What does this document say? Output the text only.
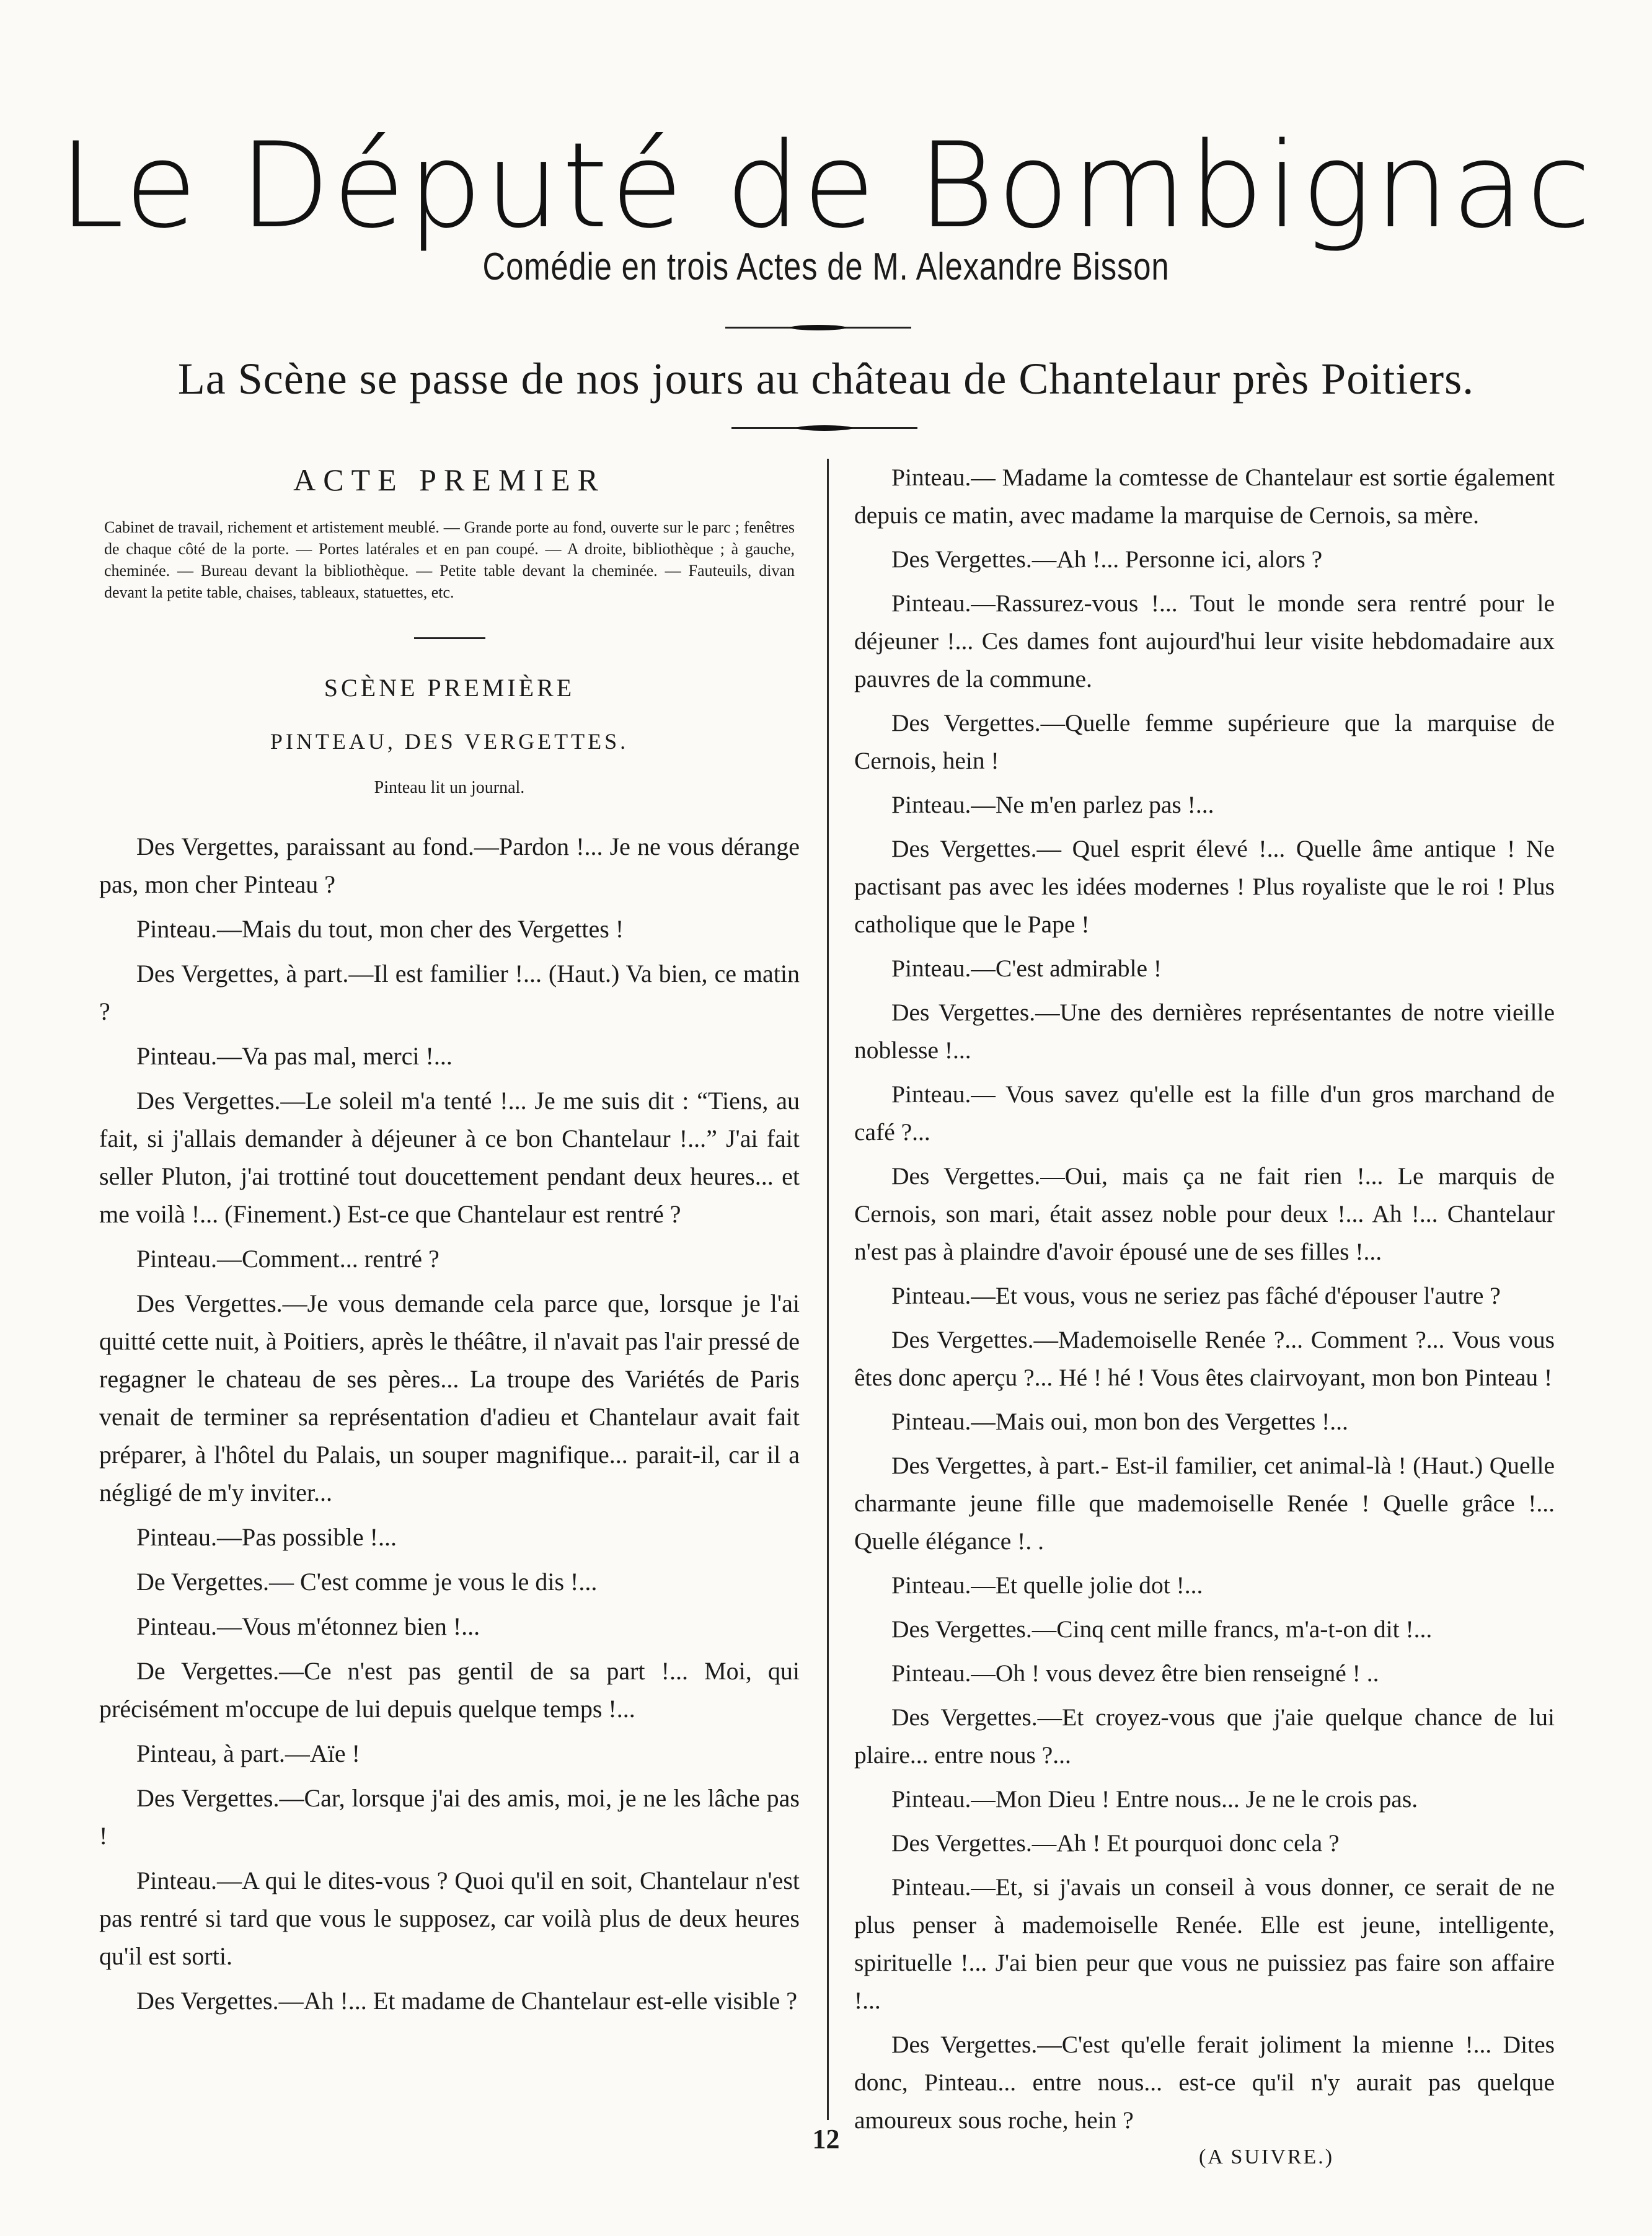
Le Député de Bombignac
Comédie en trois Actes de M. Alexandre Bisson
La Scène se passe de nos jours au château de Chantelaur près Poitiers.
ACTE PREMIER
Cabinet de travail, richement et artistement meublé. — Grande porte au fond, ouverte sur le parc ; fenêtres de chaque côté de la porte. — Portes latérales et en pan coupé. — A droite, bibliothèque ; à gauche, cheminée. — Bureau devant la bibliothèque. — Petite table devant la cheminée. — Fauteuils, divan devant la petite table, chaises, tableaux, statuettes, etc.
SCÈNE PREMIÈRE
PINTEAU, DES VERGETTES.
Pinteau lit un journal.

Des Vergettes, paraissant au fond.—Pardon !... Je ne vous dérange pas, mon cher Pinteau ?

Pinteau.—Mais du tout, mon cher des Vergettes !

Des Vergettes, à part.—Il est familier !... (Haut.) Va bien, ce matin ?

Pinteau.—Va pas mal, merci !...

Des Vergettes.—Le soleil m'a tenté !... Je me suis dit : “Tiens, au fait, si j'allais demander à déjeuner à ce bon Chantelaur !...” J'ai fait seller Pluton, j'ai trottiné tout doucettement pendant deux heures... et me voilà !... (Finement.) Est-ce que Chantelaur est rentré ?

Pinteau.—Comment... rentré ?

Des Vergettes.—Je vous demande cela parce que, lorsque je l'ai quitté cette nuit, à Poitiers, après le théâtre, il n'avait pas l'air pressé de regagner le chateau de ses pères... La troupe des Variétés de Paris venait de terminer sa représentation d'adieu et Chantelaur avait fait préparer, à l'hôtel du Palais, un souper magnifique... parait-il, car il a négligé de m'y inviter...

Pinteau.—Pas possible !...

De Vergettes.— C'est comme je vous le dis !...

Pinteau.—Vous m'étonnez bien !...

De Vergettes.—Ce n'est pas gentil de sa part !... Moi, qui précisément m'occupe de lui depuis quelque temps !...

Pinteau, à part.—Aïe !

Des Vergettes.—Car, lorsque j'ai des amis, moi, je ne les lâche pas !

Pinteau.—A qui le dites-vous ? Quoi qu'il en soit, Chantelaur n'est pas rentré si tard que vous le supposez, car voilà plus de deux heures qu'il est sorti.

Des Vergettes.—Ah !... Et madame de Chantelaur est-elle visible ?

Pinteau.— Madame la comtesse de Chantelaur est sortie également depuis ce matin, avec madame la marquise de Cernois, sa mère.

Des Vergettes.—Ah !... Personne ici, alors ?

Pinteau.—Rassurez-vous !... Tout le monde sera rentré pour le déjeuner !... Ces dames font aujourd'hui leur visite hebdomadaire aux pauvres de la commune.

Des Vergettes.—Quelle femme supérieure que la marquise de Cernois, hein !

Pinteau.—Ne m'en parlez pas !...

Des Vergettes.— Quel esprit élevé !... Quelle âme antique ! Ne pactisant pas avec les idées modernes ! Plus royaliste que le roi ! Plus catholique que le Pape !

Pinteau.—C'est admirable !

Des Vergettes.—Une des dernières représentantes de notre vieille noblesse !...

Pinteau.— Vous savez qu'elle est la fille d'un gros marchand de café ?...

Des Vergettes.—Oui, mais ça ne fait rien !... Le marquis de Cernois, son mari, était assez noble pour deux !... Ah !... Chantelaur n'est pas à plaindre d'avoir épousé une de ses filles !...

Pinteau.—Et vous, vous ne seriez pas fâché d'épouser l'autre ?

Des Vergettes.—Mademoiselle Renée ?... Comment ?... Vous vous êtes donc aperçu ?... Hé ! hé ! Vous êtes clairvoyant, mon bon Pinteau !

Pinteau.—Mais oui, mon bon des Vergettes !...

Des Vergettes, à part.- Est-il familier, cet animal-là ! (Haut.) Quelle charmante jeune fille que mademoiselle Renée ! Quelle grâce !... Quelle élégance !. .

Pinteau.—Et quelle jolie dot !...

Des Vergettes.—Cinq cent mille francs, m'a-t-on dit !...

Pinteau.—Oh ! vous devez être bien renseigné ! ..

Des Vergettes.—Et croyez-vous que j'aie quelque chance de lui plaire... entre nous ?...

Pinteau.—Mon Dieu ! Entre nous... Je ne le crois pas.

Des Vergettes.—Ah ! Et pourquoi donc cela ?

Pinteau.—Et, si j'avais un conseil à vous donner, ce serait de ne plus penser à mademoiselle Renée. Elle est jeune, intelligente, spirituelle !... J'ai bien peur que vous ne puissiez pas faire son affaire !...

Des Vergettes.—C'est qu'elle ferait joliment la mienne !... Dites donc, Pinteau... entre nous... est-ce qu'il n'y aurait pas quelque amoureux sous roche, hein ?

(A SUIVRE.)
12
